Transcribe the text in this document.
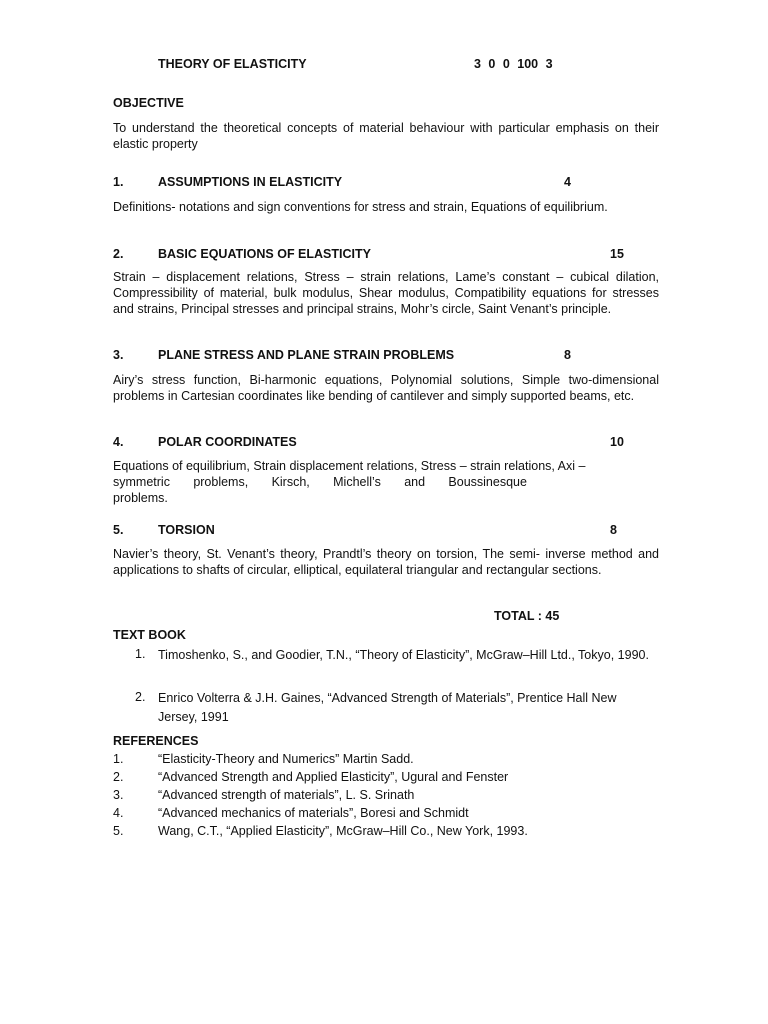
THEORY OF ELASTICITY	3 0 0 100 3
OBJECTIVE
To understand the theoretical concepts of material behaviour with particular emphasis on their elastic property
1.	ASSUMPTIONS IN ELASTICITY	4
Definitions- notations and sign conventions for stress and strain, Equations of equilibrium.
2.	BASIC EQUATIONS OF ELASTICITY	15
Strain – displacement relations, Stress – strain relations, Lame’s constant – cubical dilation, Compressibility of material, bulk modulus, Shear modulus, Compatibility equations for stresses and strains, Principal stresses and principal strains, Mohr’s circle, Saint Venant’s principle.
3.	PLANE STRESS AND PLANE STRAIN PROBLEMS	8
Airy’s stress function, Bi-harmonic equations, Polynomial solutions, Simple two-dimensional problems in Cartesian coordinates like bending of cantilever and simply supported beams, etc.
4.	POLAR COORDINATES	10
Equations of equilibrium, Strain displacement relations, Stress – strain relations, Axi –
symmetric problems, Kirsch, Michell’s and Boussinesque
problems.
5.	TORSION	8
Navier’s theory, St. Venant’s theory, Prandtl’s theory on torsion, The semi- inverse method and applications to shafts of circular, elliptical, equilateral triangular and rectangular sections.
TOTAL : 45
TEXT BOOK
1. Timoshenko, S., and Goodier, T.N., “Theory of Elasticity”, McGraw–Hill Ltd., Tokyo, 1990.
2. Enrico Volterra & J.H. Gaines, “Advanced Strength of Materials”, Prentice Hall New Jersey, 1991
REFERENCES
1.	“Elasticity-Theory and Numerics” Martin Sadd.
2.	“Advanced Strength and Applied Elasticity”, Ugural and Fenster
3.	“Advanced strength of materials”, L. S. Srinath
4.	“Advanced mechanics of materials”, Boresi and Schmidt
5.	Wang, C.T., “Applied Elasticity”, McGraw–Hill Co., New York, 1993.
